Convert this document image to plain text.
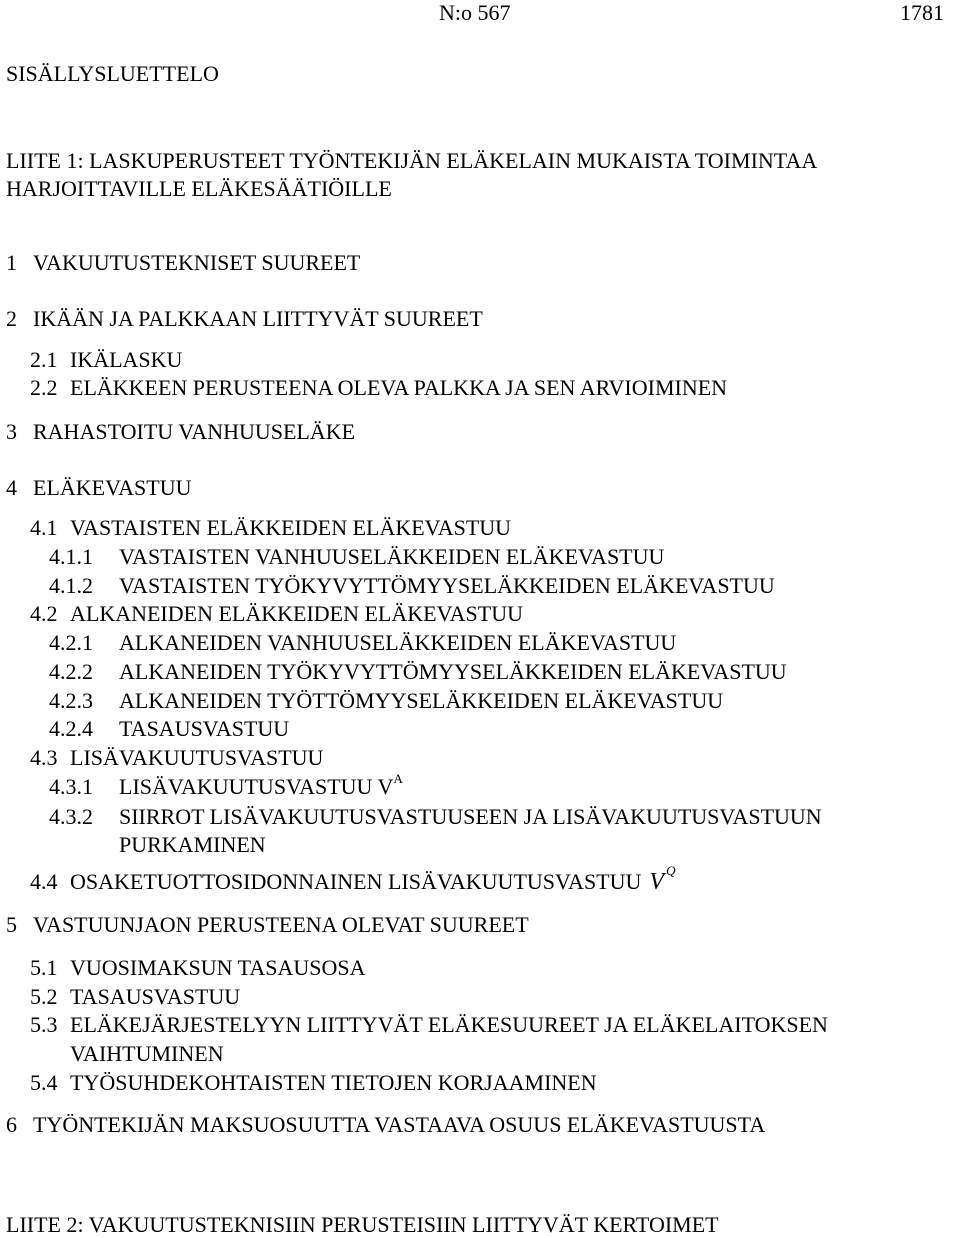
N:o 567	1781
SISÄLLYSLUETTELO
LIITE 1: LASKUPERUSTEET TYÖNTEKIJÄN ELÄKELAIN MUKAISTA TOIMINTAA
HARJOITTAVILLE ELÄKESÄÄTIÖILLE
1 VAKUUTUSTEKNISET SUUREET
2 IKÄÄN JA PALKKAAN LIITTYVÄT SUUREET
2.1 IKÄLASKU
2.2 ELÄKKEEN PERUSTEENA OLEVA PALKKA JA SEN ARVIOIMINEN
3 RAHASTOITU VANHUUSELÄKE
4 ELÄKEVASTUU
4.1 VASTAISTEN ELÄKKEIDEN ELÄKEVASTUU
4.1.1 VASTAISTEN VANHUUSELÄKKEIDEN ELÄKEVASTUU
4.1.2 VASTAISTEN TYÖKYVYTTÖMYYSELÄKKEIDEN ELÄKEVASTUU
4.2 ALKANEIDEN ELÄKKEIDEN ELÄKEVASTUU
4.2.1 ALKANEIDEN VANHUUSELÄKKEIDEN ELÄKEVASTUU
4.2.2 ALKANEIDEN TYÖKYVYTTÖMYYSELÄKKEIDEN ELÄKEVASTUU
4.2.3 ALKANEIDEN TYÖTTÖMYYSELÄKKEIDEN ELÄKEVASTUU
4.2.4 TASAUSVASTUU
4.3 LISÄVAKUUTUSVASTUU
4.3.1 LISÄVAKUUTUSVASTUU $V^A$
4.3.2 SIIRROT LISÄVAKUUTUSVASTUUSEEN JA LISÄVAKUUTUSVASTUUN
PURKAMINEN
4.4 OSAKETUOTTOSIDONNAINEN LISÄVAKUUTUSVASTUU V $^Q$
5 VASTUUNJAON PERUSTEENA OLEVAT SUUREET
5.1 VUOSIMAKSUN TASAUSOSA
5.2 TASAUSVASTUU
5.3 ELÄKEJÄRJESTELYYN LIITTYVÄT ELÄKESUUREET JA ELÄKELAITOKSEN
VAIHTUMINEN
5.4 TYÖSUHDEKOHTAISTEN TIETOJEN KORJAAMINEN
6 TYÖNTEKIJÄN MAKSUOSUUTTA VASTAAVA OSUUS ELÄKEVASTUUSTA
LIITE 2: VAKUUTUSTEKNISIIN PERUSTEISIIN LIITTYVÄT KERTOIMET
